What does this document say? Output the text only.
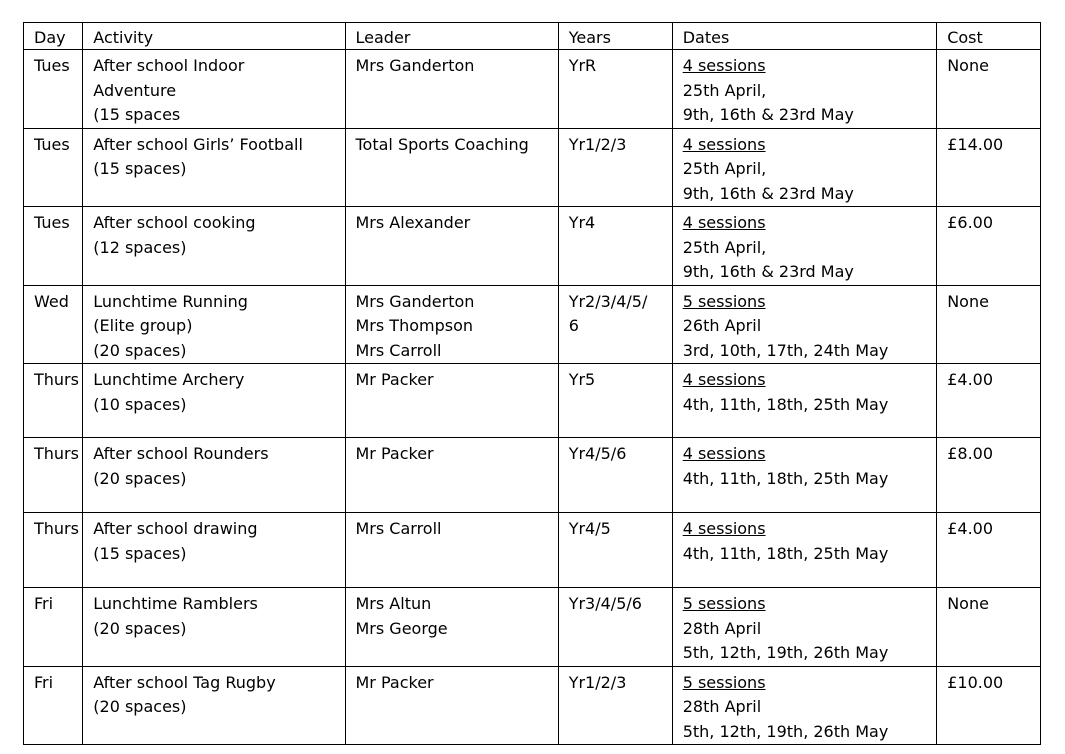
Day	Activity	Leader	Years	Dates	Cost
Tues	After school Indoor
Adventure
(15 spaces	Mrs Ganderton	YrR	4 sessions
25th April,
9th, 16th & 23rd May	None
Tues	After school Girls’ Football
(15 spaces)	Total Sports Coaching	Yr1/2/3	4 sessions
25th April,
9th, 16th & 23rd May	£14.00
Tues	After school cooking
(12 spaces)	Mrs Alexander	Yr4	4 sessions
25th April,
9th, 16th & 23rd May	£6.00
Wed	Lunchtime Running
(Elite group)
(20 spaces)	Mrs Ganderton
Mrs Thompson
Mrs Carroll	Yr2/3/4/5/
6	5 sessions
26th April
3rd, 10th, 17th, 24th May	None
Thurs	Lunchtime Archery
(10 spaces)	Mr Packer	Yr5	4 sessions
4th, 11th, 18th, 25th May	£4.00
Thurs	After school Rounders
(20 spaces)	Mr Packer	Yr4/5/6	4 sessions
4th, 11th, 18th, 25th May	£8.00
Thurs	After school drawing
(15 spaces)	Mrs Carroll	Yr4/5	4 sessions
4th, 11th, 18th, 25th May	£4.00
Fri	Lunchtime Ramblers
(20 spaces)	Mrs Altun
Mrs George	Yr3/4/5/6	5 sessions
28th April
5th, 12th, 19th, 26th May	None
Fri	After school Tag Rugby
(20 spaces)	Mr Packer	Yr1/2/3	5 sessions
28th April
5th, 12th, 19th, 26th May	£10.00
